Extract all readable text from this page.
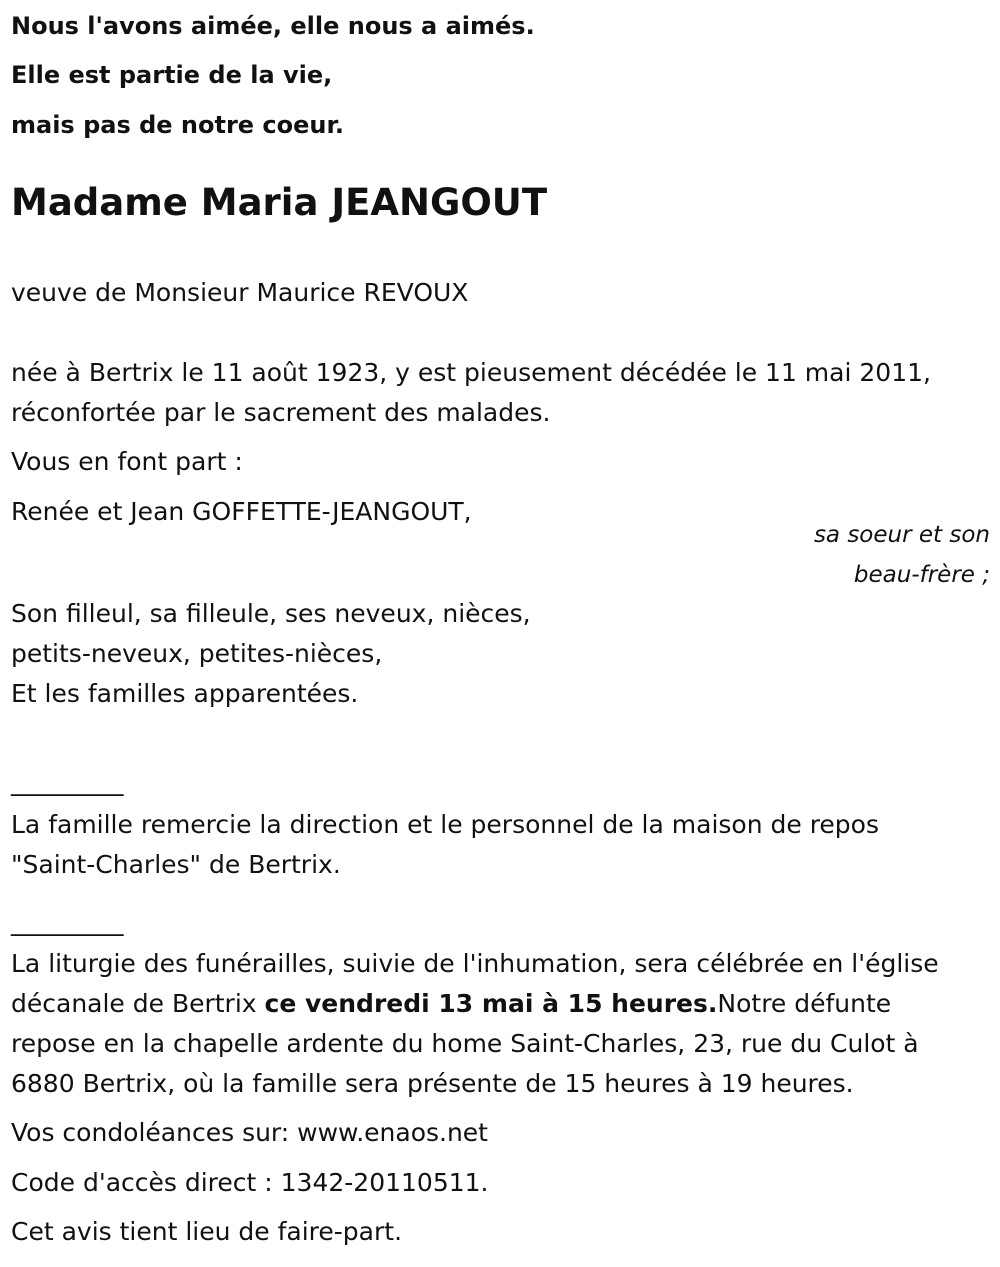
Nous l'avons aimée, elle nous a aimés.
Elle est partie de la vie,
mais pas de notre coeur.
Madame Maria JEANGOUT
veuve de Monsieur Maurice REVOUX
née à Bertrix le 11 août 1923, y est pieusement décédée le 11 mai 2011,
réconfortée par le sacrement des malades.
Vous en font part :
Renée et Jean GOFFETTE-JEANGOUT,
sa soeur et son
beau-frère ;
Son filleul, sa filleule, ses neveux, nièces,
petits-neveux, petites-nièces,
Et les familles apparentées.
_________
La famille remercie la direction et le personnel de la maison de repos
"Saint-Charles" de Bertrix.
_________
La liturgie des funérailles, suivie de l'inhumation, sera célébrée en l'église
décanale de Bertrix ce vendredi 13 mai à 15 heures.Notre défunte
repose en la chapelle ardente du home Saint-Charles, 23, rue du Culot à
6880 Bertrix, où la famille sera présente de 15 heures à 19 heures.
Vos condoléances sur: www.enaos.net
Code d'accès direct : 1342-20110511.
Cet avis tient lieu de faire-part.
